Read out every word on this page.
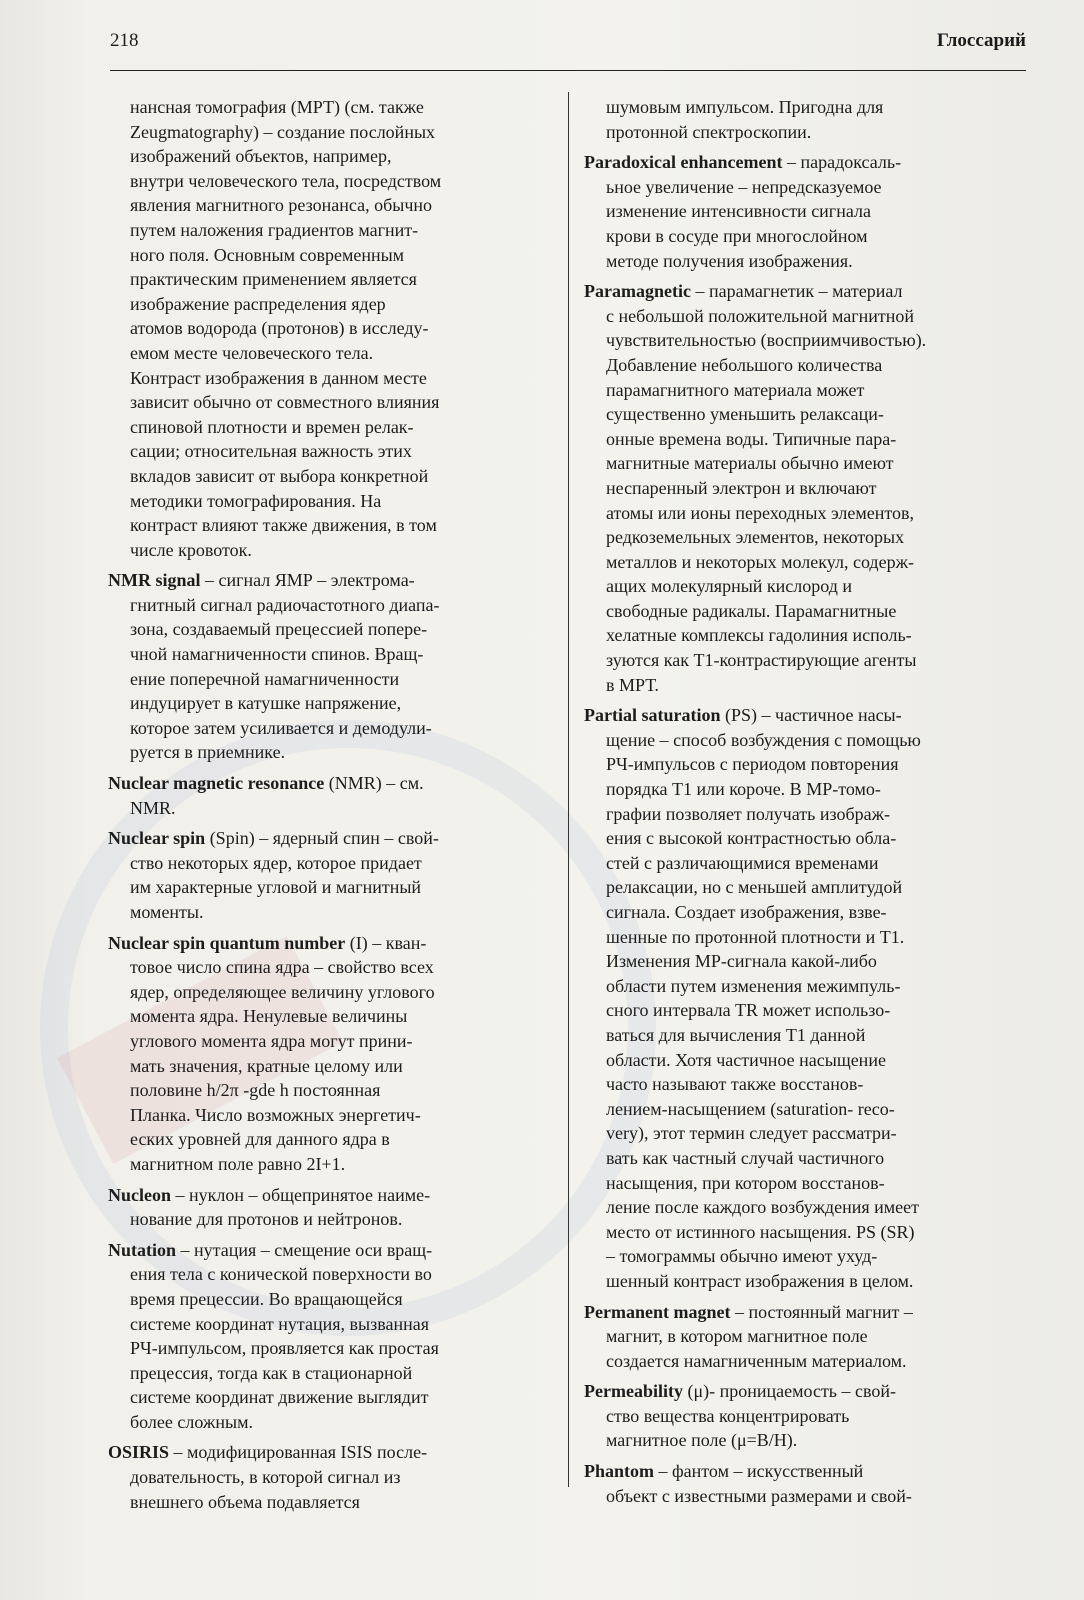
218	Глоссарий
нансная томография (МРТ) (см. также
Zeugmatography) – создание послойных
изображений объектов, например,
внутри человеческого тела, посредством
явления магнитного резонанса, обычно
путем наложения градиентов магнит-
ного поля. Основным современным
практическим применением является
изображение распределения ядер
атомов водорода (протонов) в исследу-
емом месте человеческого тела.
Контраст изображения в данном месте
зависит обычно от совместного влияния
спиновой плотности и времен релак-
сации; относительная важность этих
вкладов зависит от выбора конкретной
методики томографирования. На
контраст влияют также движения, в том
числе кровоток.
NMR signal – сигнал ЯМР – электрома-
гнитный сигнал радиочастотного диапа-
зона, создаваемый прецессией попере-
чной намагниченности спинов. Вращ-
ение поперечной намагниченности
индуцирует в катушке напряжение,
которое затем усиливается и демодули-
руется в приемнике.
Nuclear magnetic resonance (NMR) – см.
NMR.
Nuclear spin (Spin) – ядерный спин – свой-
ство некоторых ядер, которое придает
им характерные угловой и магнитный
моменты.
Nuclear spin quantum number (I) – кван-
товое число спина ядра – свойство всех
ядер, определяющее величину углового
момента ядра. Ненулевые величины
углового момента ядра могут прини-
мать значения, кратные целому или
половине h/2π -gde h постоянная
Планка. Число возможных энергетич-
еских уровней для данного ядра в
магнитном поле равно 2I+1.
Nucleon – нуклон – общепринятое наиме-
нование для протонов и нейтронов.
Nutation – нутация – смещение оси вращ-
ения тела с конической поверхности во
время прецессии. Во вращающейся
системе координат нутация, вызванная
РЧ-импульсом, проявляется как простая
прецессия, тогда как в стационарной
системе координат движение выглядит
более сложным.
OSIRIS – модифицированная ISIS после-
довательность, в которой сигнал из
внешнего объема подавляется
шумовым импульсом. Пригодна для
протонной спектроскопии.
Paradoxical enhancement – парадоксаль-
ьное увеличение – непредсказуемое
изменение интенсивности сигнала
крови в сосуде при многослойном
методе получения изображения.
Paramagnetic – парамагнетик – материал
с небольшой положительной магнитной
чувствительностью (восприимчивостью).
Добавление небольшого количества
парамагнитного материала может
существенно уменьшить релаксаци-
онные времена воды. Типичные пара-
магнитные материалы обычно имеют
неспаренный электрон и включают
атомы или ионы переходных элементов,
редкоземельных элементов, некоторых
металлов и некоторых молекул, содерж-
ащих молекулярный кислород и
свободные радикалы. Парамагнитные
хелатные комплексы гадолиния исполь-
зуются как Т1-контрастирующие агенты
в МРТ.
Partial saturation (PS) – частичное насы-
щение – способ возбуждения с помощью
РЧ-импульсов с периодом повторения
порядка Т1 или короче. В МР-томо-
графии позволяет получать изображ-
ения с высокой контрастностью обла-
стей с различающимися временами
релаксации, но с меньшей амплитудой
сигнала. Создает изображения, взве-
шенные по протонной плотности и Т1.
Изменения МР-сигнала какой-либо
области путем изменения межимпуль-
сного интервала TR может использо-
ваться для вычисления Т1 данной
области. Хотя частичное насыщение
часто называют также восстанов-
лением-насыщением (saturation- reco-
very), этот термин следует рассматри-
вать как частный случай частичного
насыщения, при котором восстанов-
ление после каждого возбуждения имеет
место от истинного насыщения. PS (SR)
– томограммы обычно имеют ухуд-
шенный контраст изображения в целом.
Permanent magnet – постоянный магнит –
магнит, в котором магнитное поле
создается намагниченным материалом.
Permeability (μ)- проницаемость – свой-
ство вещества концентрировать
магнитное поле (μ=В/Н).
Phantom – фантом – искусственный
объект с известными размерами и свой-
